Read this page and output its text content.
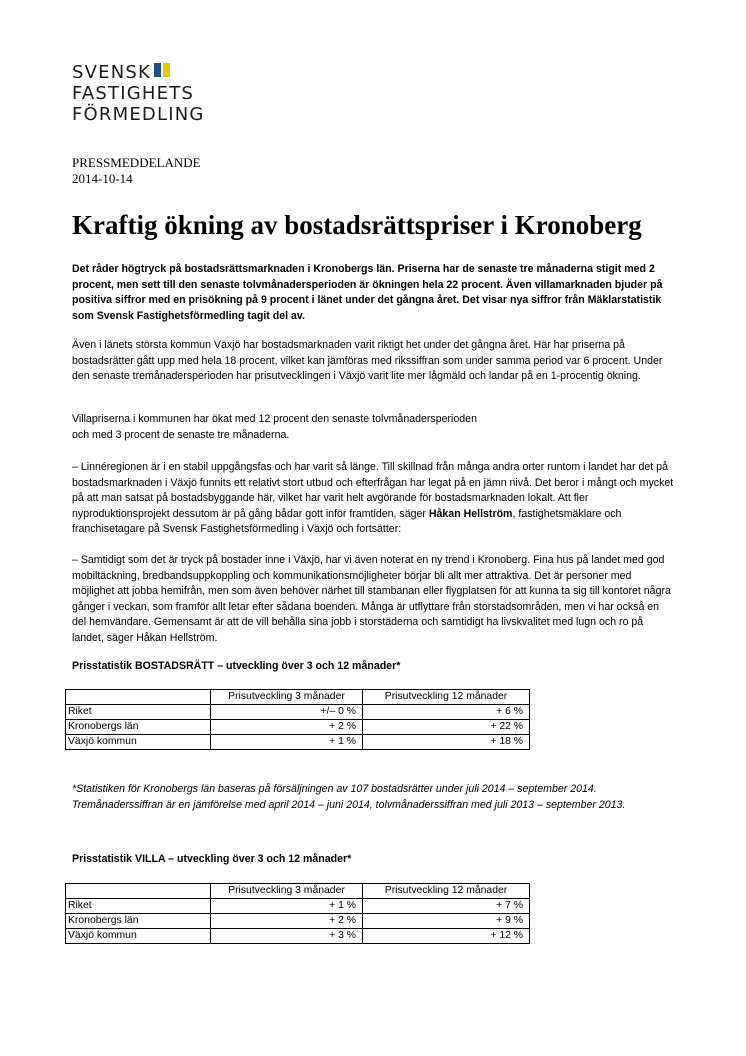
SVENSK
FASTIGHETS
FÖRMEDLING
PRESSMEDDELANDE
2014-10-14
Kraftig ökning av bostadsrättspriser i Kronoberg

Det råder högtryck på bostadsrättsmarknaden i Kronobergs län. Priserna har de senaste tre månaderna stigit med 2 procent, men sett till den senaste tolvmånadersperioden är ökningen hela 22 procent. Även villamarknaden bjuder på positiva siffror med en prisökning på 9 procent i länet under det gångna året. Det visar nya siffror från Mäklarstatistik som Svensk Fastighetsförmedling tagit del av.

Även i länets största kommun Växjö har bostadsmarknaden varit riktigt het under det gångna året. Här har priserna på bostadsrätter gått upp med hela 18 procent, vilket kan jämföras med rikssiffran som under samma period var 6 procent. Under den senaste tremånadersperioden har prisutvecklingen i Växjö varit lite mer lågmäld och landar på en 1-procentig ökning.

Villapriserna i kommunen har ökat med 12 procent den senaste tolvmånadersperioden och med 3 procent de senaste tre månaderna.

– Linnéregionen är i en stabil uppgångsfas och har varit så länge. Till skillnad från många andra orter runtom i landet har det på bostadsmarknaden i Växjö funnits ett relativt stort utbud och efterfrågan har legat på en jämn nivå. Det beror i mångt och mycket på att man satsat på bostadsbyggande här, vilket har varit helt avgörande för bostadsmarknaden lokalt. Att fler nyproduktionsprojekt dessutom är på gång bådar gott inför framtiden, säger Håkan Hellström, fastighetsmäklare och franchisetagare på Svensk Fastighetsförmedling i Växjö och fortsätter:

– Samtidigt som det är tryck på bostäder inne i Växjö, har vi även noterat en ny trend i Kronoberg. Fina hus på landet med god mobiltäckning, bredbandsuppkoppling och kommunikationsmöjligheter börjar bli allt mer attraktiva. Det är personer med möjlighet att jobba hemifrån, men som även behöver närhet till stambanan eller flygplatsen för att kunna ta sig till kontoret några gånger i veckan, som framför allt letar efter sådana boenden. Många är utflyttare från storstadsområden, men vi har också en del hemvändare. Gemensamt är att de vill behålla sina jobb i storstäderna och samtidigt ha livskvalitet med lugn och ro på landet, säger Håkan Hellström.

Prisstatistik BOSTADSRÄTT – utveckling över 3 och 12 månader*
	Prisutveckling 3 månader	Prisutveckling 12 månader
Riket	+/– 0 %	+ 6 %
Kronobergs län	+ 2 %	+ 22 %
Växjö kommun	+ 1 %	+ 18 %

*Statistiken för Kronobergs län baseras på försäljningen av 107 bostadsrätter under juli 2014 – september 2014. Tremånaderssiffran är en jämförelse med april 2014 – juni 2014, tolvmånaderssiffran med juli 2013 – september 2013.

Prisstatistik VILLA – utveckling över 3 och 12 månader*
	Prisutveckling 3 månader	Prisutveckling 12 månader
Riket	+ 1 %	+ 7 %
Kronobergs län	+ 2 %	+ 9 %
Växjö kommun	+ 3 %	+ 12 %
